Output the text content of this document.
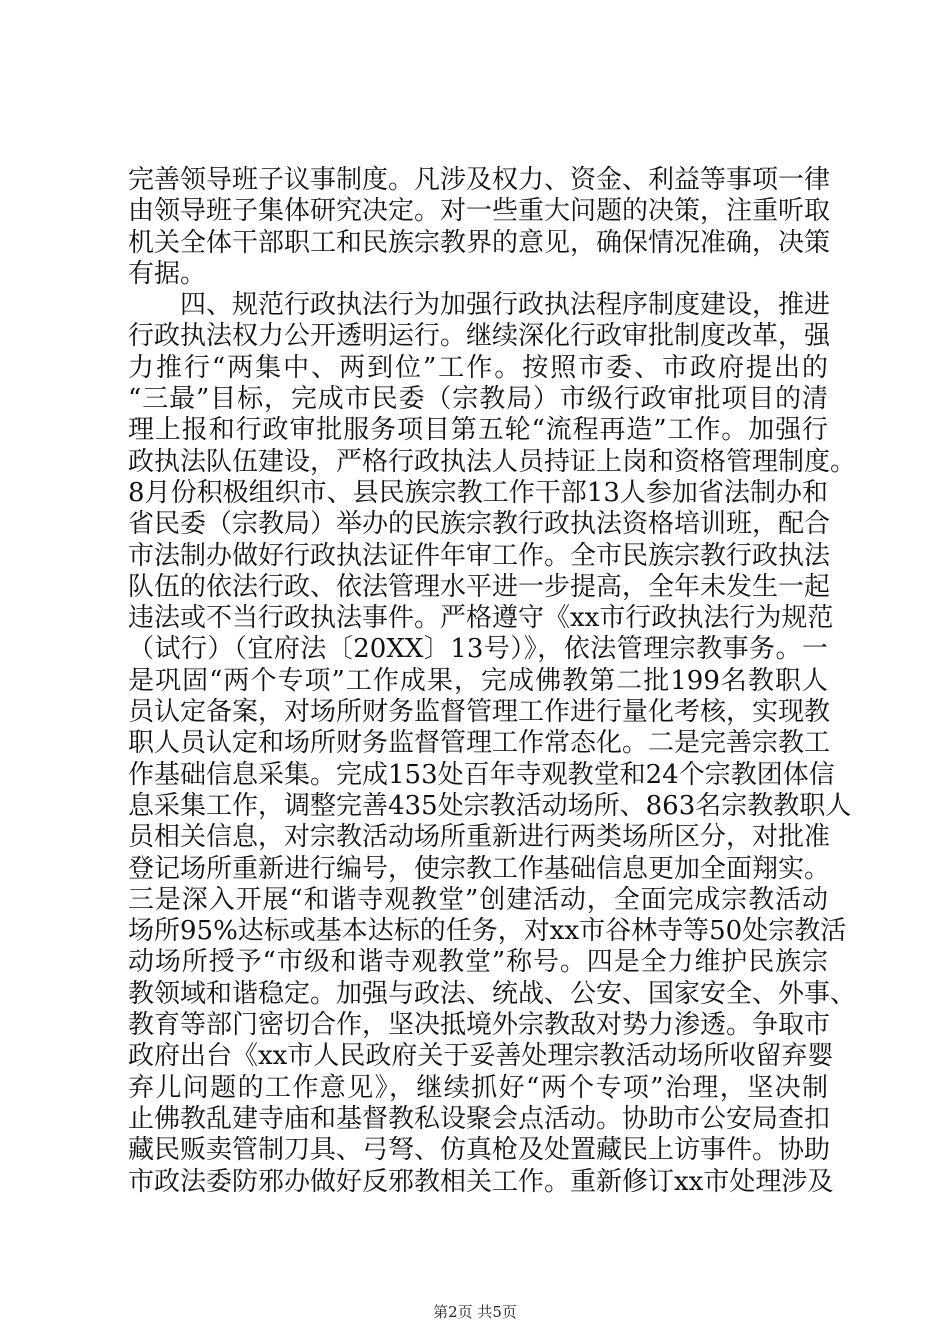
完善领导班子议事制度。凡涉及权力、资金、利益等事项一律
由领导班子集体研究决定。对一些重大问题的决策，注重听取
机关全体干部职工和民族宗教界的意见，确保情况准确，决策
有据。
　　四、规范行政执法行为加强行政执法程序制度建设，推进
行政执法权力公开透明运行。继续深化行政审批制度改革，强
力推行“两集中、两到位”工作。按照市委、市政府提出的
“三最”目标，完成市民委（宗教局）市级行政审批项目的清
理上报和行政审批服务项目第五轮“流程再造”工作。加强行
政执法队伍建设，严格行政执法人员持证上岗和资格管理制度。
8月份积极组织市、县民族宗教工作干部13人参加省法制办和
省民委（宗教局）举办的民族宗教行政执法资格培训班，配合
市法制办做好行政执法证件年审工作。全市民族宗教行政执法
队伍的依法行政、依法管理水平进一步提高，全年未发生一起
违法或不当行政执法事件。严格遵守《xx市行政执法行为规范
（试行）（宜府法〔20XX〕13号）》，依法管理宗教事务。一
是巩固“两个专项”工作成果，完成佛教第二批199名教职人
员认定备案，对场所财务监督管理工作进行量化考核，实现教
职人员认定和场所财务监督管理工作常态化。二是完善宗教工
作基础信息采集。完成153处百年寺观教堂和24个宗教团体信
息采集工作，调整完善435处宗教活动场所、863名宗教教职人
员相关信息，对宗教活动场所重新进行两类场所区分，对批准
登记场所重新进行编号，使宗教工作基础信息更加全面翔实。
三是深入开展“和谐寺观教堂”创建活动，全面完成宗教活动
场所95%达标或基本达标的任务，对xx市谷林寺等50处宗教活
动场所授予“市级和谐寺观教堂”称号。四是全力维护民族宗
教领域和谐稳定。加强与政法、统战、公安、国家安全、外事、
教育等部门密切合作，坚决抵境外宗教敌对势力渗透。争取市
政府出台《xx市人民政府关于妥善处理宗教活动场所收留弃婴
弃儿问题的工作意见》，继续抓好“两个专项”治理，坚决制
止佛教乱建寺庙和基督教私设聚会点活动。协助市公安局查扣
藏民贩卖管制刀具、弓弩、仿真枪及处置藏民上访事件。协助
市政法委防邪办做好反邪教相关工作。重新修订xx市处理涉及
第2页 共5页
